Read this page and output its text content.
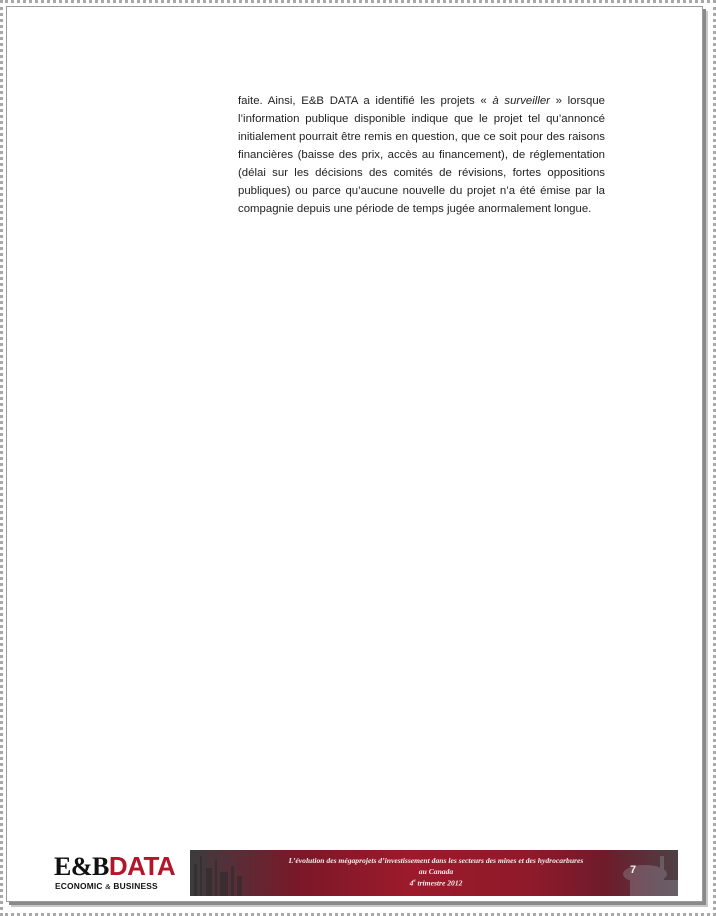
faite. Ainsi, E&B DATA a identifié les projets « à surveiller » lorsque l’information publique disponible indique que le projet tel qu’annoncé initialement pourrait être remis en question, que ce soit pour des raisons financières (baisse des prix, accès au financement), de réglementation (délai sur les décisions des comités de révisions, fortes oppositions publiques) ou parce qu’aucune nouvelle du projet n’a été émise par la compagnie depuis une période de temps jugée anormalement longue.

E&BDATA
ECONOMIC & BUSINESS
L’évolution des mégaprojets d’investissement dans les secteurs des mines et des hydrocarbures
au Canada
4e trimestre 2012
7
